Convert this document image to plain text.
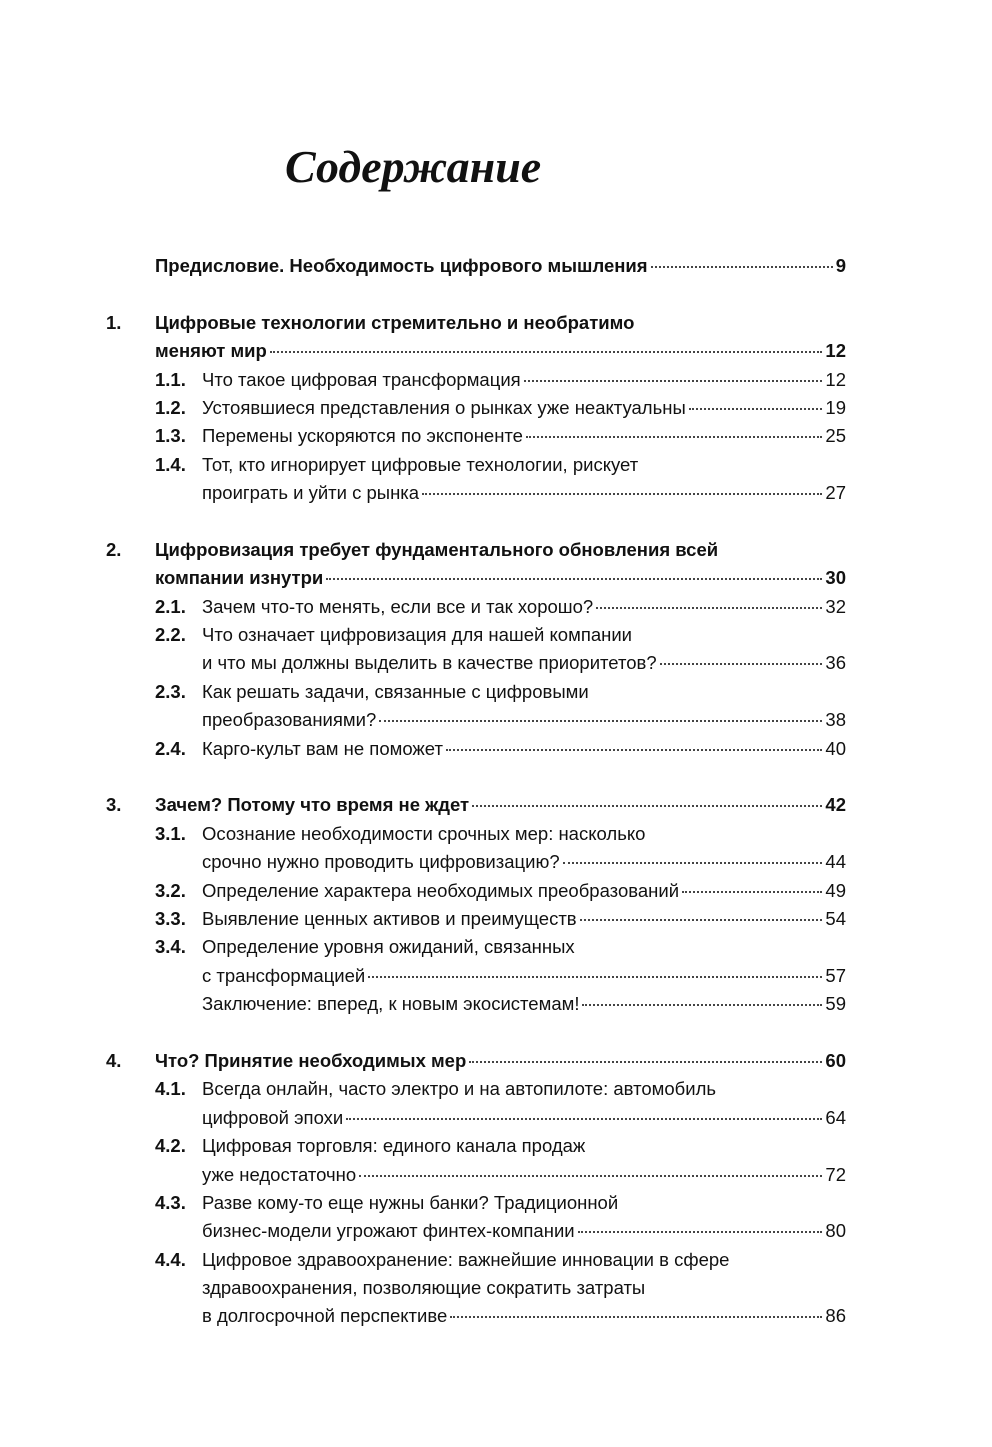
Содержание
Предисловие. Необходимость цифрового мышления	9
1. Цифровые технологии стремительно и необратимо
меняют мир	12
1.1. Что такое цифровая трансформация	12
1.2. Устоявшиеся представления о рынках уже неактуальны	19
1.3. Перемены ускоряются по экспоненте	25
1.4. Тот, кто игнорирует цифровые технологии, рискует
проиграть и уйти с рынка	27
2. Цифровизация требует фундаментального обновления всей
компании изнутри	30
2.1. Зачем что-то менять, если все и так хорошо?	32
2.2. Что означает цифровизация для нашей компании
и что мы должны выделить в качестве приоритетов?	36
2.3. Как решать задачи, связанные с цифровыми
преобразованиями?	38
2.4. Карго-культ вам не поможет	40
3. Зачем? Потому что время не ждет	42
3.1. Осознание необходимости срочных мер: насколько
срочно нужно проводить цифровизацию?	44
3.2. Определение характера необходимых преобразований	49
3.3. Выявление ценных активов и преимуществ	54
3.4. Определение уровня ожиданий, связанных
с трансформацией	57
Заключение: вперед, к новым экосистемам!	59
4. Что? Принятие необходимых мер	60
4.1. Всегда онлайн, часто электро и на автопилоте: автомобиль
цифровой эпохи	64
4.2. Цифровая торговля: единого канала продаж
уже недостаточно	72
4.3. Разве кому-то еще нужны банки? Традиционной
бизнес-модели угрожают финтех-компании	80
4.4. Цифровое здравоохранение: важнейшие инновации в сфере
здравоохранения, позволяющие сократить затраты
в долгосрочной перспективе	86
